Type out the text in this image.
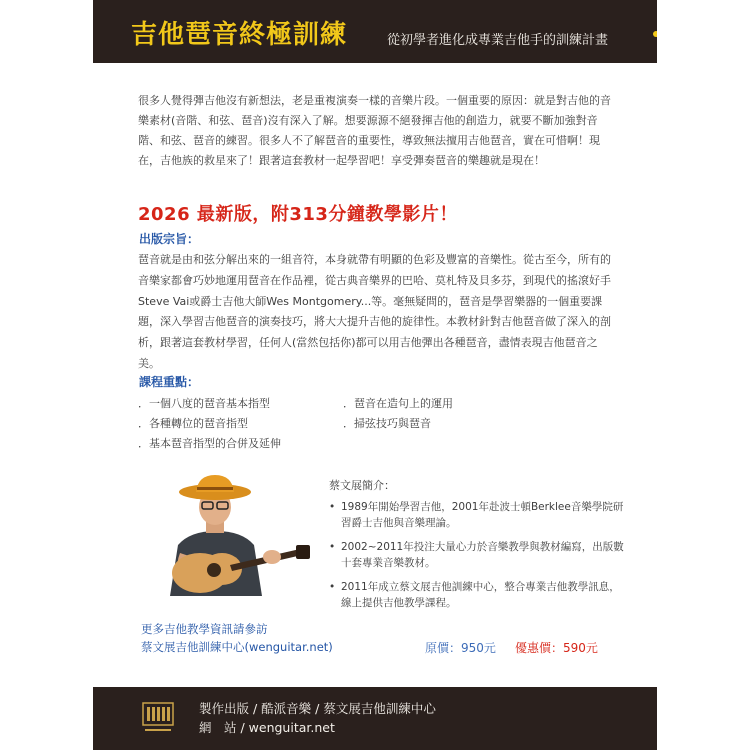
吉他琶音終極訓練	從初學者進化成專業吉他手的訓練計畫
很多人覺得彈吉他沒有新想法，老是重複演奏一樣的音樂片段。一個重要的原因：就是對吉他的音樂素材(音階、和弦、琶音)沒有深入了解。想要源源不絕發揮吉他的創造力，就要不斷加強對音階、和弦、琶音的練習。很多人不了解琶音的重要性，導致無法擅用吉他琶音，實在可惜啊！現在，吉他族的救星來了！跟著這套教材一起學習吧！享受彈奏琶音的樂趣就是現在！
2026 最新版，附313分鐘教學影片！
出版宗旨：
琶音就是由和弦分解出來的一組音符，本身就帶有明顯的色彩及豐富的音樂性。從古至今，所有的音樂家都會巧妙地運用琶音在作品裡，從古典音樂界的巴哈、莫札特及貝多芬，到現代的搖滾好手Steve Vai或爵士吉他大師Wes Montgomery...等。毫無疑問的，琶音是學習樂器的一個重要課題，深入學習吉他琶音的演奏技巧，將大大提升吉他的旋律性。本教材針對吉他琶音做了深入的剖析，跟著這套教材學習，任何人(當然包括你)都可以用吉他彈出各種琶音，盡情表現吉他琶音之美。
課程重點：
．一個八度的琶音基本指型
．各種轉位的琶音指型
．基本琶音指型的合併及延伸
．琶音在造句上的運用
．掃弦技巧與琶音
蔡文展簡介：
• 1989年開始學習吉他，2001年赴波士頓Berklee音樂學院研習爵士吉他與音樂理論。
• 2002~2011年投注大量心力於音樂教學與教材編寫，出版數十套專業音樂教材。
• 2011年成立蔡文展吉他訓練中心，整合專業吉他教學訊息，線上提供吉他教學課程。
更多吉他教學資訊請參訪
蔡文展吉他訓練中心(wenguitar.net)	原價：950元 優惠價：590元
製作出版 / 酷派音樂 / 蔡文展吉他訓練中心
網　站 / wenguitar.net
